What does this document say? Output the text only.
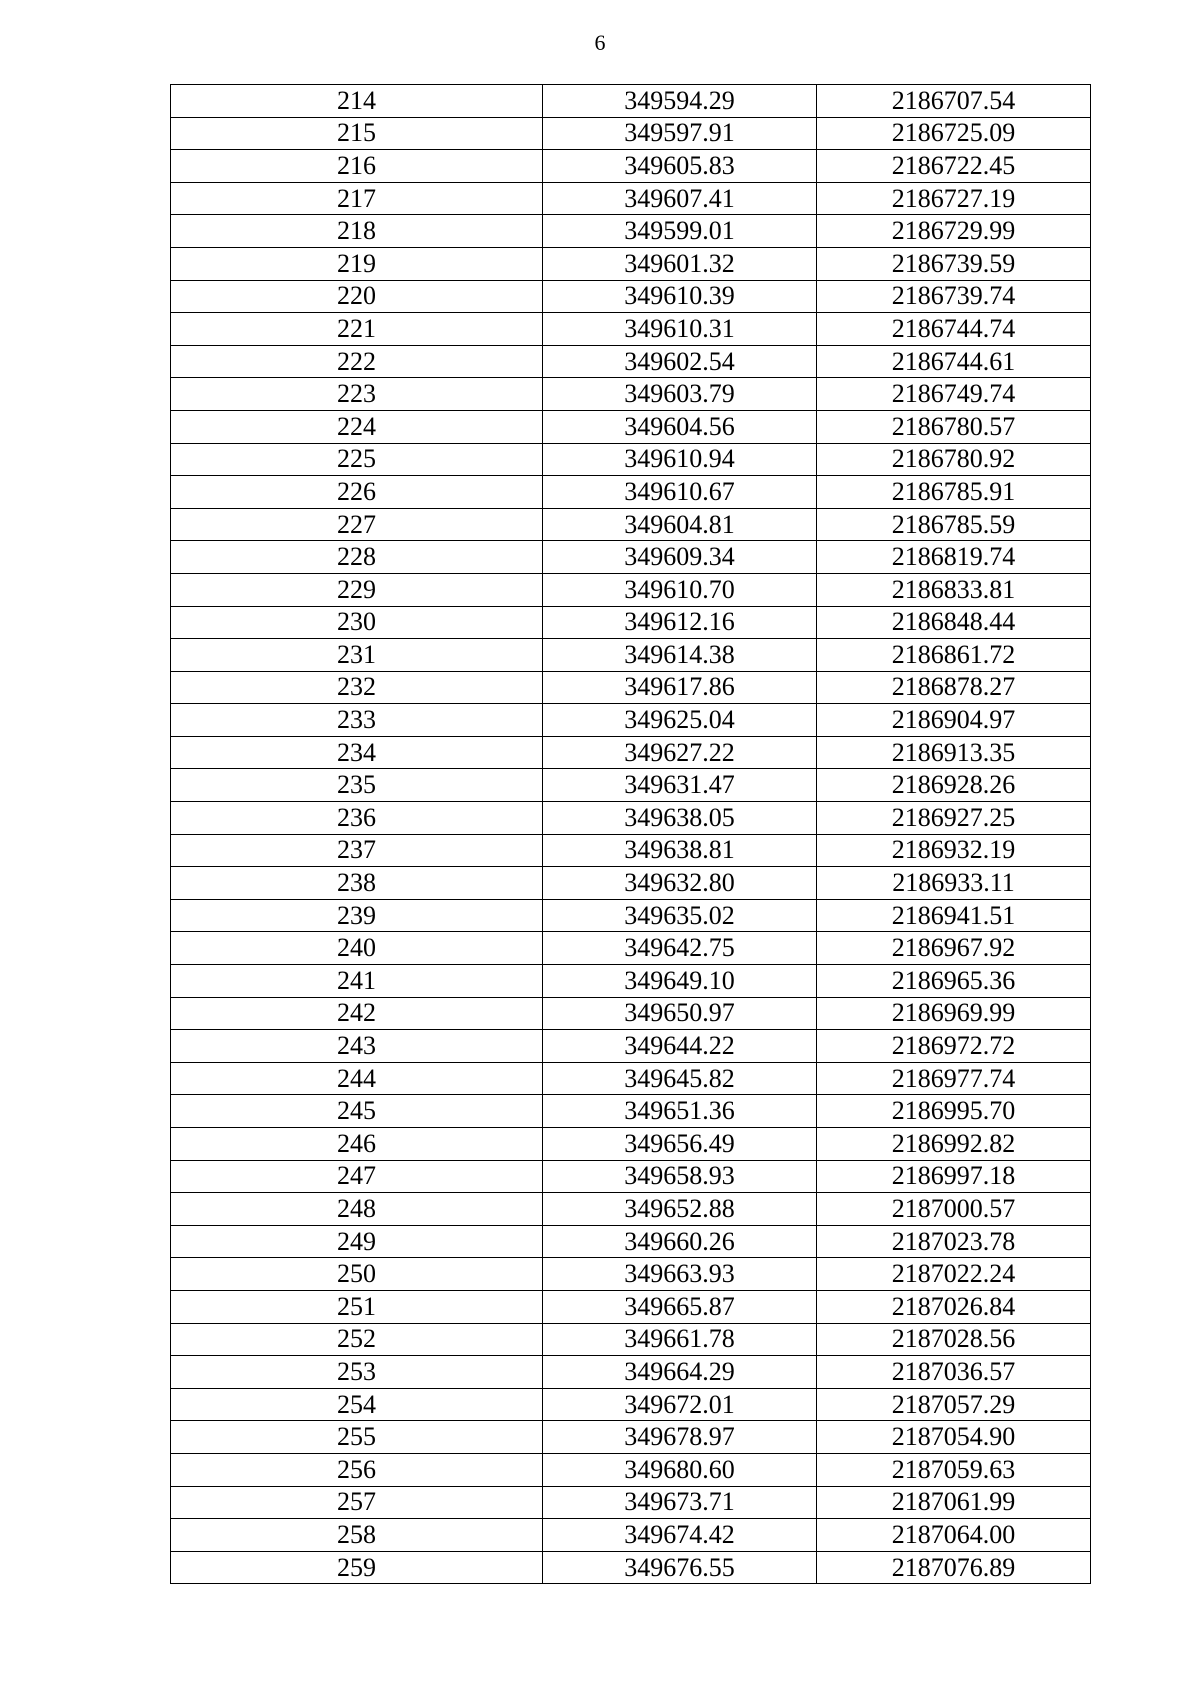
6
214	349594.29	2186707.54
215	349597.91	2186725.09
216	349605.83	2186722.45
217	349607.41	2186727.19
218	349599.01	2186729.99
219	349601.32	2186739.59
220	349610.39	2186739.74
221	349610.31	2186744.74
222	349602.54	2186744.61
223	349603.79	2186749.74
224	349604.56	2186780.57
225	349610.94	2186780.92
226	349610.67	2186785.91
227	349604.81	2186785.59
228	349609.34	2186819.74
229	349610.70	2186833.81
230	349612.16	2186848.44
231	349614.38	2186861.72
232	349617.86	2186878.27
233	349625.04	2186904.97
234	349627.22	2186913.35
235	349631.47	2186928.26
236	349638.05	2186927.25
237	349638.81	2186932.19
238	349632.80	2186933.11
239	349635.02	2186941.51
240	349642.75	2186967.92
241	349649.10	2186965.36
242	349650.97	2186969.99
243	349644.22	2186972.72
244	349645.82	2186977.74
245	349651.36	2186995.70
246	349656.49	2186992.82
247	349658.93	2186997.18
248	349652.88	2187000.57
249	349660.26	2187023.78
250	349663.93	2187022.24
251	349665.87	2187026.84
252	349661.78	2187028.56
253	349664.29	2187036.57
254	349672.01	2187057.29
255	349678.97	2187054.90
256	349680.60	2187059.63
257	349673.71	2187061.99
258	349674.42	2187064.00
259	349676.55	2187076.89
